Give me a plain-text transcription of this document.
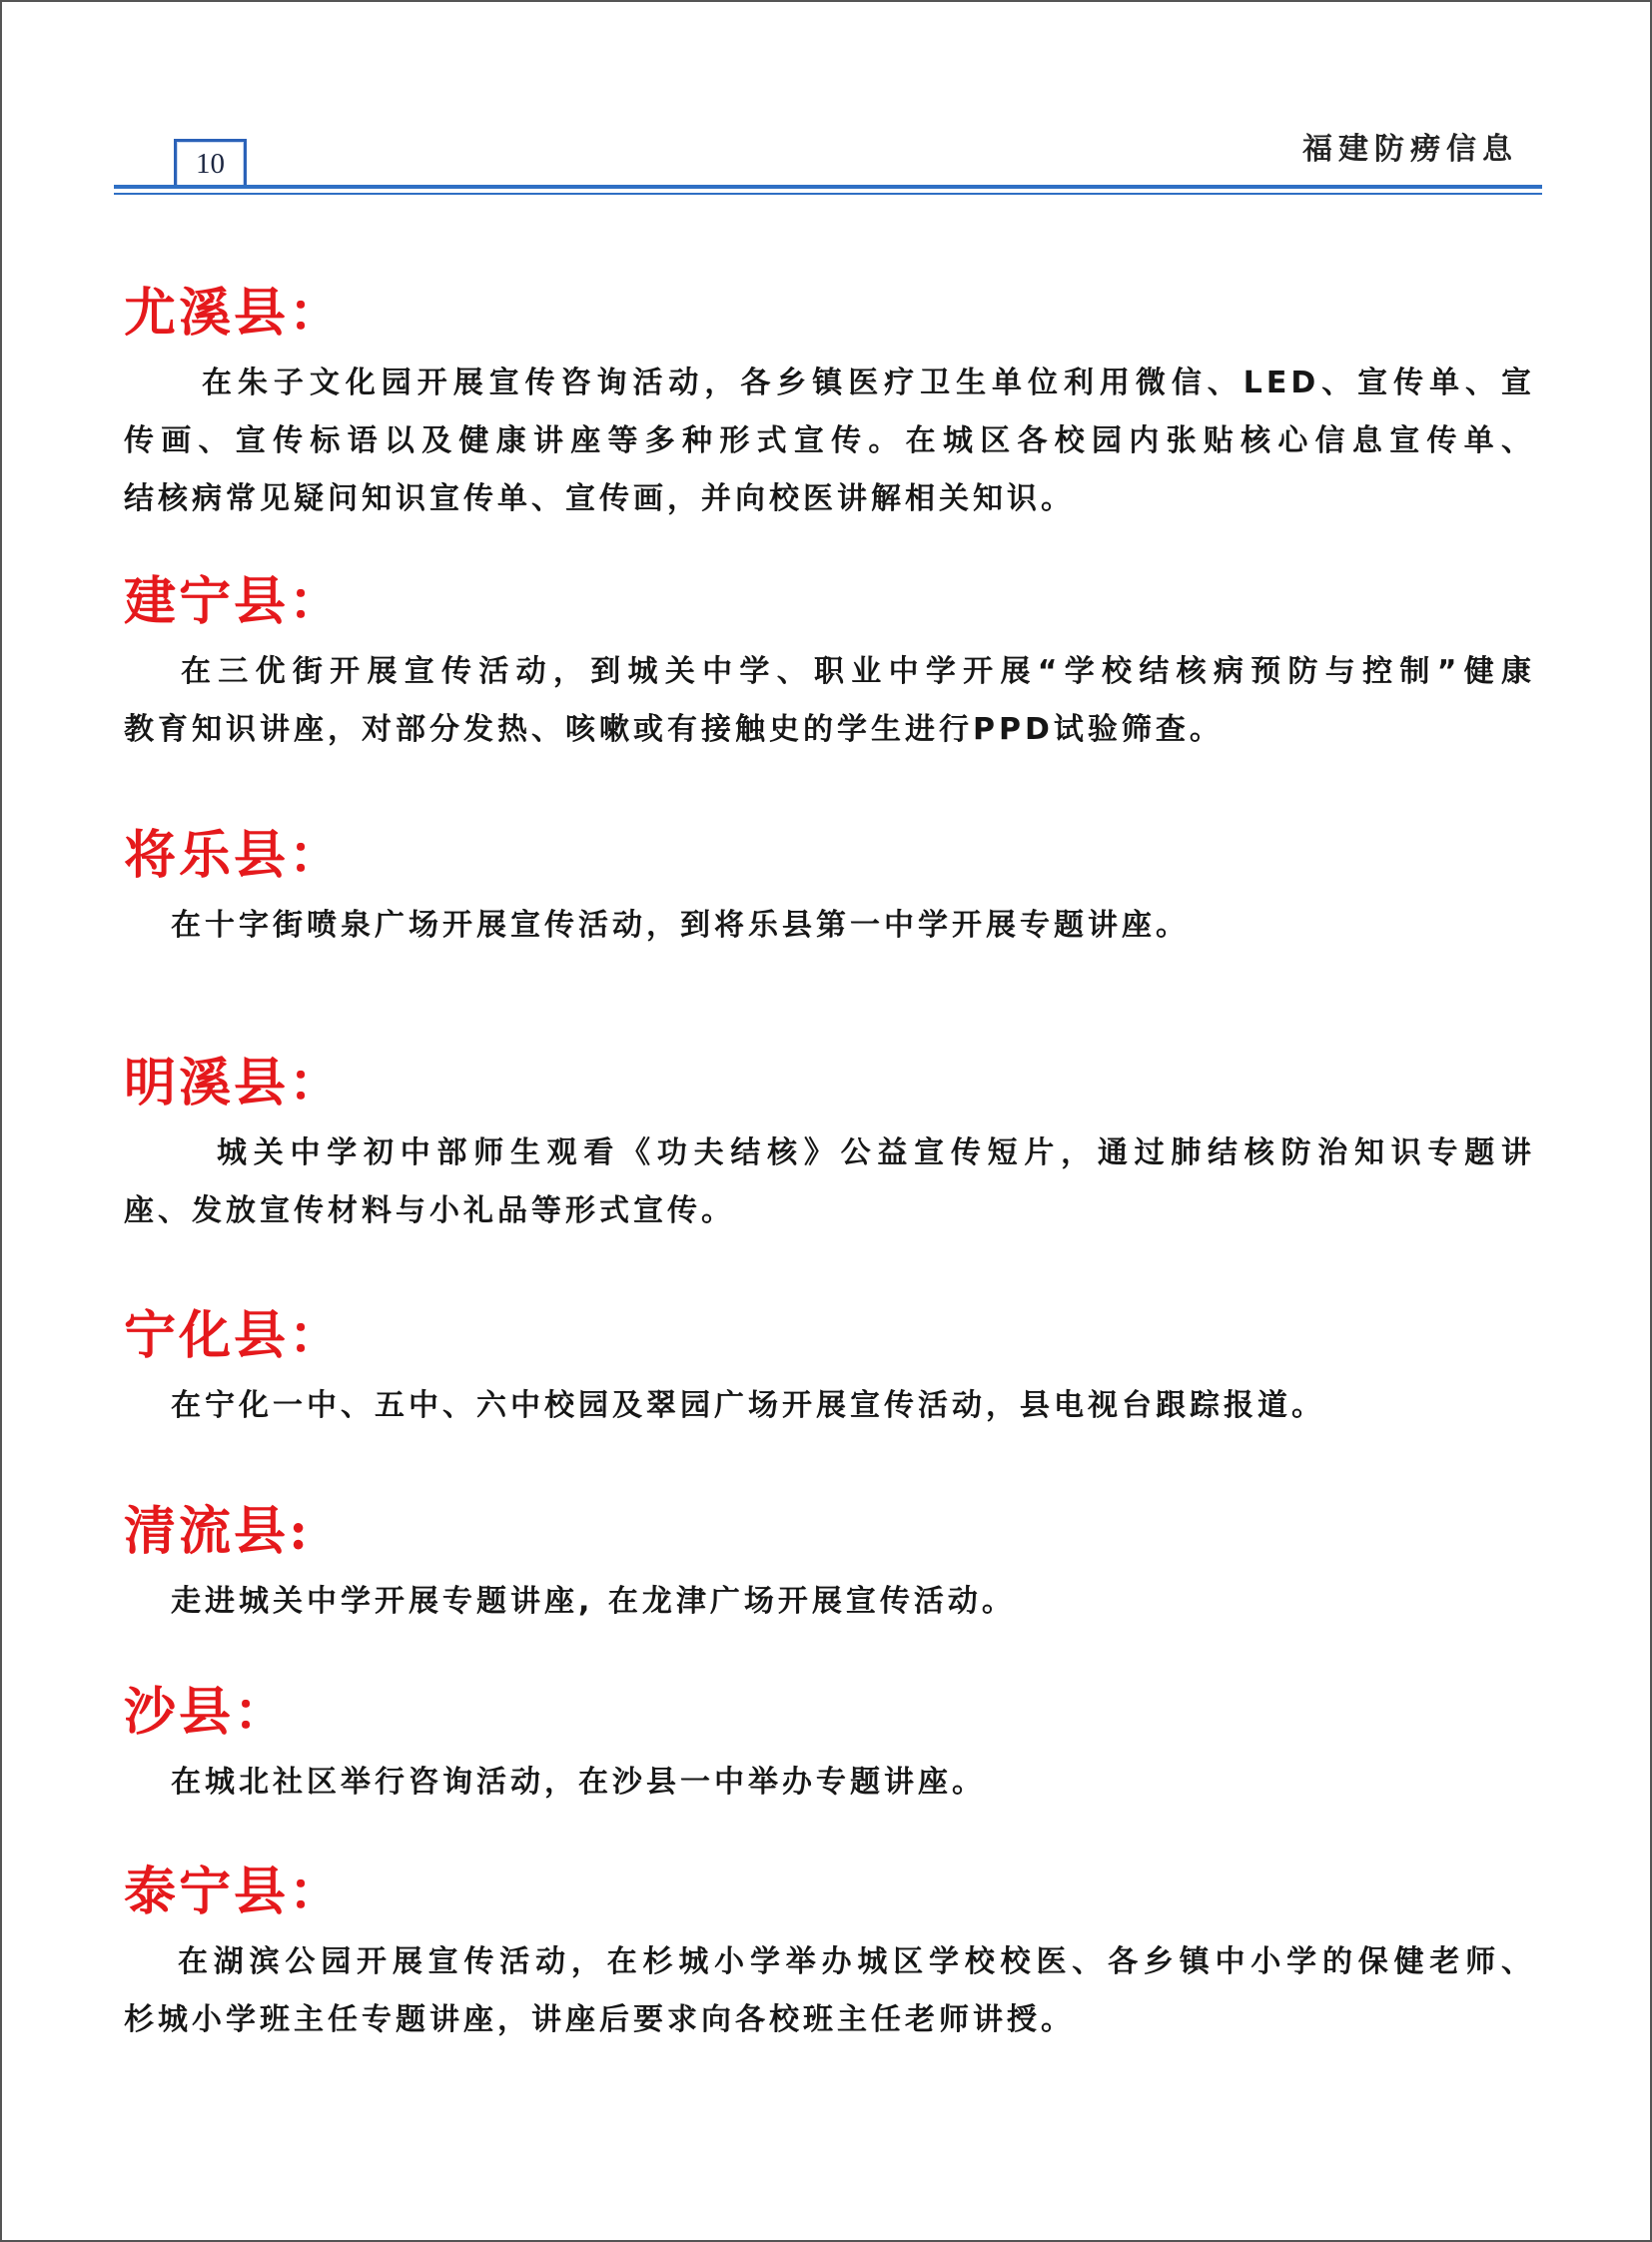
10	福建防痨信息
尤溪县：
在朱子文化园开展宣传咨询活动，各乡镇医疗卫生单位利用微信、LED、宣传单、宣
传画、宣传标语以及健康讲座等多种形式宣传。在城区各校园内张贴核心信息宣传单、
结核病常见疑问知识宣传单、宣传画，并向校医讲解相关知识。
建宁县：
在三优街开展宣传活动，到城关中学、职业中学开展“学校结核病预防与控制”健康
教育知识讲座，对部分发热、咳嗽或有接触史的学生进行PPD试验筛查。
将乐县：
在十字街喷泉广场开展宣传活动，到将乐县第一中学开展专题讲座。
明溪县：
城关中学初中部师生观看《功夫结核》公益宣传短片，通过肺结核防治知识专题讲
座、发放宣传材料与小礼品等形式宣传。
宁化县：
在宁化一中、五中、六中校园及翠园广场开展宣传活动，县电视台跟踪报道。
清流县:
走进城关中学开展专题讲座, 在龙津广场开展宣传活动。
沙县：
在城北社区举行咨询活动，在沙县一中举办专题讲座。
泰宁县：
在湖滨公园开展宣传活动，在杉城小学举办城区学校校医、各乡镇中小学的保健老师、
杉城小学班主任专题讲座，讲座后要求向各校班主任老师讲授。
